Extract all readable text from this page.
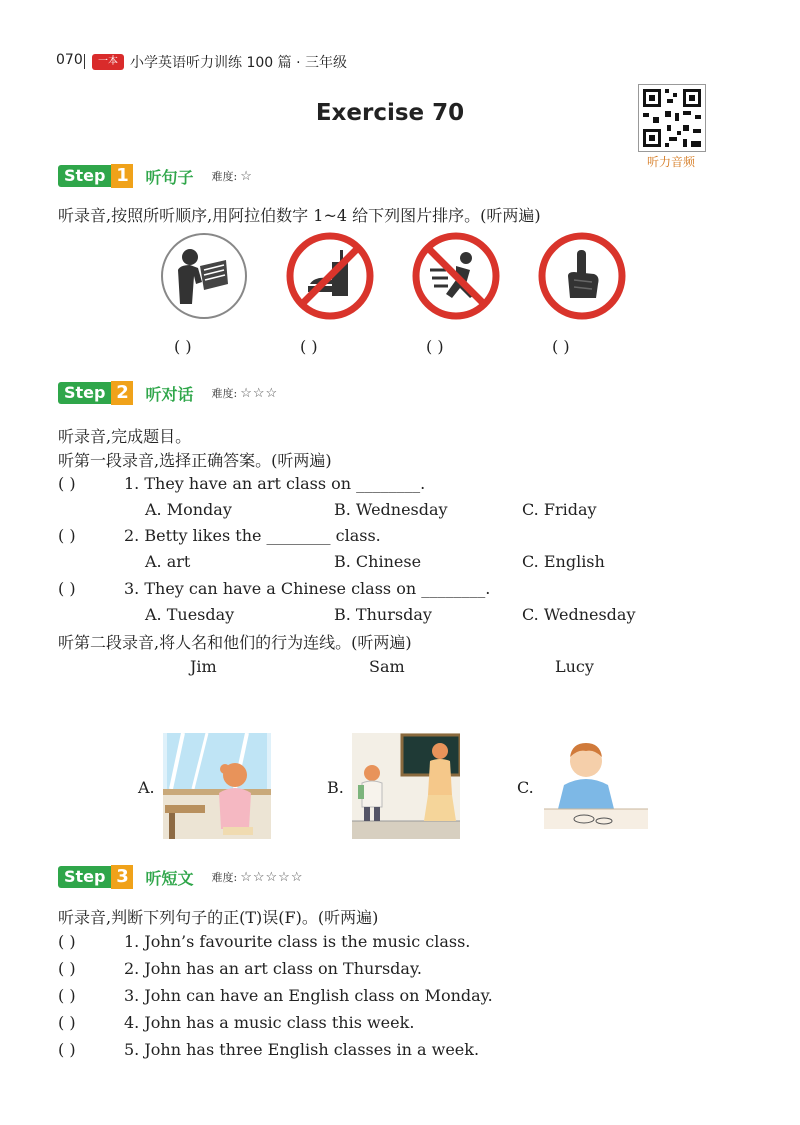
070	一本 小学英语听力训练 100 篇 · 三年级
Exercise 70
听力音频
Step 1 听句子 难度: ☆
听录音,按照所听顺序,用阿拉伯数字 1~4 给下列图片排序。(听两遍)
( )	( )	( )	( )
Step 2 听对话 难度: ☆☆☆
听录音,完成题目。
听第一段录音,选择正确答案。(听两遍)
( )	1. They have an art class on ________.
A. Monday	B. Wednesday	C. Friday
( )	2. Betty likes the ________ class.
A. art	B. Chinese	C. English
( )	3. They can have a Chinese class on ________.
A. Tuesday	B. Thursday	C. Wednesday
听第二段录音,将人名和他们的行为连线。(听两遍)
Jim	Sam	Lucy
A.	B.	C.
Step 3 听短文 难度: ☆☆☆☆☆
听录音,判断下列句子的正(T)误(F)。(听两遍)
( )	1. John’s favourite class is the music class.
( )	2. John has an art class on Thursday.
( )	3. John can have an English class on Monday.
( )	4. John has a music class this week.
( )	5. John has three English classes in a week.
